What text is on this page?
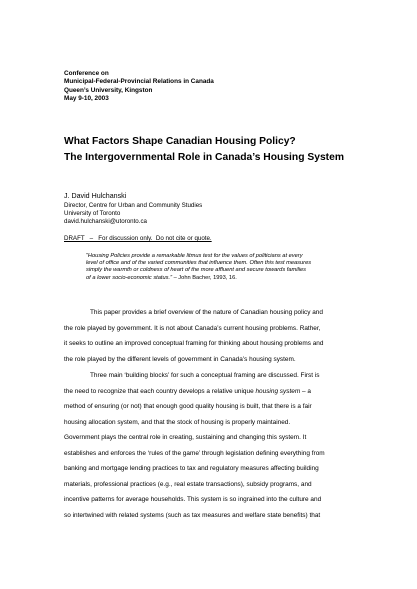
Conference on
Municipal-Federal-Provincial Relations in Canada
Queen’s University, Kingston
May 9-10, 2003
What Factors Shape Canadian Housing Policy?
The Intergovernmental Role in Canada’s Housing System
J. David Hulchanski
Director, Centre for Urban and Community Studies
University of Toronto
david.hulchanski@utoronto.ca
DRAFT   –   For discussion only.  Do not cite or quote.
“Housing Policies provide a remarkable litmus test for the values of politicians at every
level of office and of the varied communities that influence them. Often this test measures
simply the warmth or coldness of heart of the more affluent and secure towards families
of a lower socio-economic status.” – John Bacher, 1993, 16.
This paper provides a brief overview of the nature of Canadian housing policy and
the role played by government. It is not about Canada’s current housing problems. Rather,
it seeks to outline an improved conceptual framing for thinking about housing problems and
the role played by the different levels of government in Canada’s housing system.
Three main ‘building blocks’ for such a conceptual framing are discussed. First is
the need to recognize that each country develops a relative unique housing system – a
method of ensuring (or not) that enough good quality housing is built, that there is a fair
housing allocation system, and that the stock of housing is properly maintained.
Government plays the central role in creating, sustaining and changing this system. It
establishes and enforces the ‘rules of the game’ through legislation defining everything from
banking and mortgage lending practices to tax and regulatory measures affecting building
materials, professional practices (e.g., real estate transactions), subsidy programs, and
incentive patterns for average households. This system is so ingrained into the culture and
so intertwined with related systems (such as tax measures and welfare state benefits) that
